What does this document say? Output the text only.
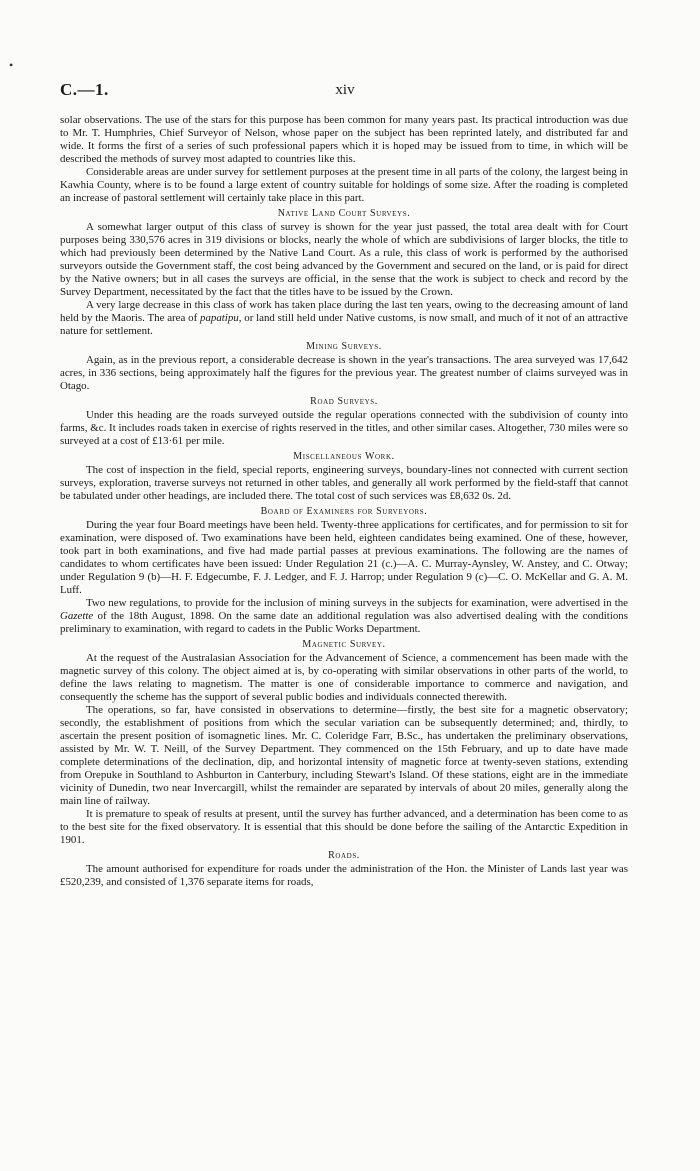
•
C.—1.	xiv

solar observations. The use of the stars for this purpose has been common for many years past. Its practical introduction was due to Mr. T. Humphries, Chief Surveyor of Nelson, whose paper on the subject has been reprinted lately, and distributed far and wide. It forms the first of a series of such professional papers which it is hoped may be issued from to time, in which will be described the methods of survey most adapted to countries like this.

Considerable areas are under survey for settlement purposes at the present time in all parts of the colony, the largest being in Kawhia County, where is to be found a large extent of country suitable for holdings of some size. After the roading is completed an increase of pastoral settlement will certainly take place in this part.

Native Land Court Surveys.

A somewhat larger output of this class of survey is shown for the year just passed, the total area dealt with for Court purposes being 330,576 acres in 319 divisions or blocks, nearly the whole of which are subdivisions of larger blocks, the title to which had previously been determined by the Native Land Court. As a rule, this class of work is performed by the authorised surveyors outside the Government staff, the cost being advanced by the Government and secured on the land, or is paid for direct by the Native owners; but in all cases the surveys are official, in the sense that the work is subject to check and record by the Survey Department, necessitated by the fact that the titles have to be issued by the Crown.

A very large decrease in this class of work has taken place during the last ten years, owing to the decreasing amount of land held by the Maoris. The area of papatipu, or land still held under Native customs, is now small, and much of it not of an attractive nature for settlement.

Mining Surveys.

Again, as in the previous report, a considerable decrease is shown in the year's transactions. The area surveyed was 17,642 acres, in 336 sections, being approximately half the figures for the previous year. The greatest number of claims surveyed was in Otago.

Road Surveys.

Under this heading are the roads surveyed outside the regular operations connected with the subdivision of county into farms, &c. It includes roads taken in exercise of rights reserved in the titles, and other similar cases. Altogether, 730 miles were so surveyed at a cost of £13·61 per mile.

Miscellaneous Work.

The cost of inspection in the field, special reports, engineering surveys, boundary-lines not connected with current section surveys, exploration, traverse surveys not returned in other tables, and generally all work performed by the field-staff that cannot be tabulated under other headings, are included there. The total cost of such services was £8,632 0s. 2d.

Board of Examiners for Surveyors.

During the year four Board meetings have been held. Twenty-three applications for certificates, and for permission to sit for examination, were disposed of. Two examinations have been held, eighteen candidates being examined. One of these, however, took part in both examinations, and five had made partial passes at previous examinations. The following are the names of candidates to whom certificates have been issued: Under Regulation 21 (c.)—A. C. Murray-Aynsley, W. Anstey, and C. Otway; under Regulation 9 (b)—H. F. Edgecumbe, F. J. Ledger, and F. J. Harrop; under Regulation 9 (c)—C. O. McKellar and G. A. M. Luff.

Two new regulations, to provide for the inclusion of mining surveys in the subjects for examination, were advertised in the Gazette of the 18th August, 1898. On the same date an additional regulation was also advertised dealing with the conditions preliminary to examination, with regard to cadets in the Public Works Department.

Magnetic Survey.

At the request of the Australasian Association for the Advancement of Science, a commencement has been made with the magnetic survey of this colony. The object aimed at is, by co-operating with similar observations in other parts of the world, to define the laws relating to magnetism. The matter is one of considerable importance to commerce and navigation, and consequently the scheme has the support of several public bodies and individuals connected therewith.

The operations, so far, have consisted in observations to determine—firstly, the best site for a magnetic observatory; secondly, the establishment of positions from which the secular variation can be subsequently determined; and, thirdly, to ascertain the present position of isomagnetic lines. Mr. C. Coleridge Farr, B.Sc., has undertaken the preliminary observations, assisted by Mr. W. T. Neill, of the Survey Department. They commenced on the 15th February, and up to date have made complete determinations of the declination, dip, and horizontal intensity of magnetic force at twenty-seven stations, extending from Orepuke in Southland to Ashburton in Canterbury, including Stewart's Island. Of these stations, eight are in the immediate vicinity of Dunedin, two near Invercargill, whilst the remainder are separated by intervals of about 20 miles, generally along the main line of railway.

It is premature to speak of results at present, until the survey has further advanced, and a determination has been come to as to the best site for the fixed observatory. It is essential that this should be done before the sailing of the Antarctic Expedition in 1901.

Roads.

The amount authorised for expenditure for roads under the administration of the Hon. the Minister of Lands last year was £520,239, and consisted of 1,376 separate items for roads,
